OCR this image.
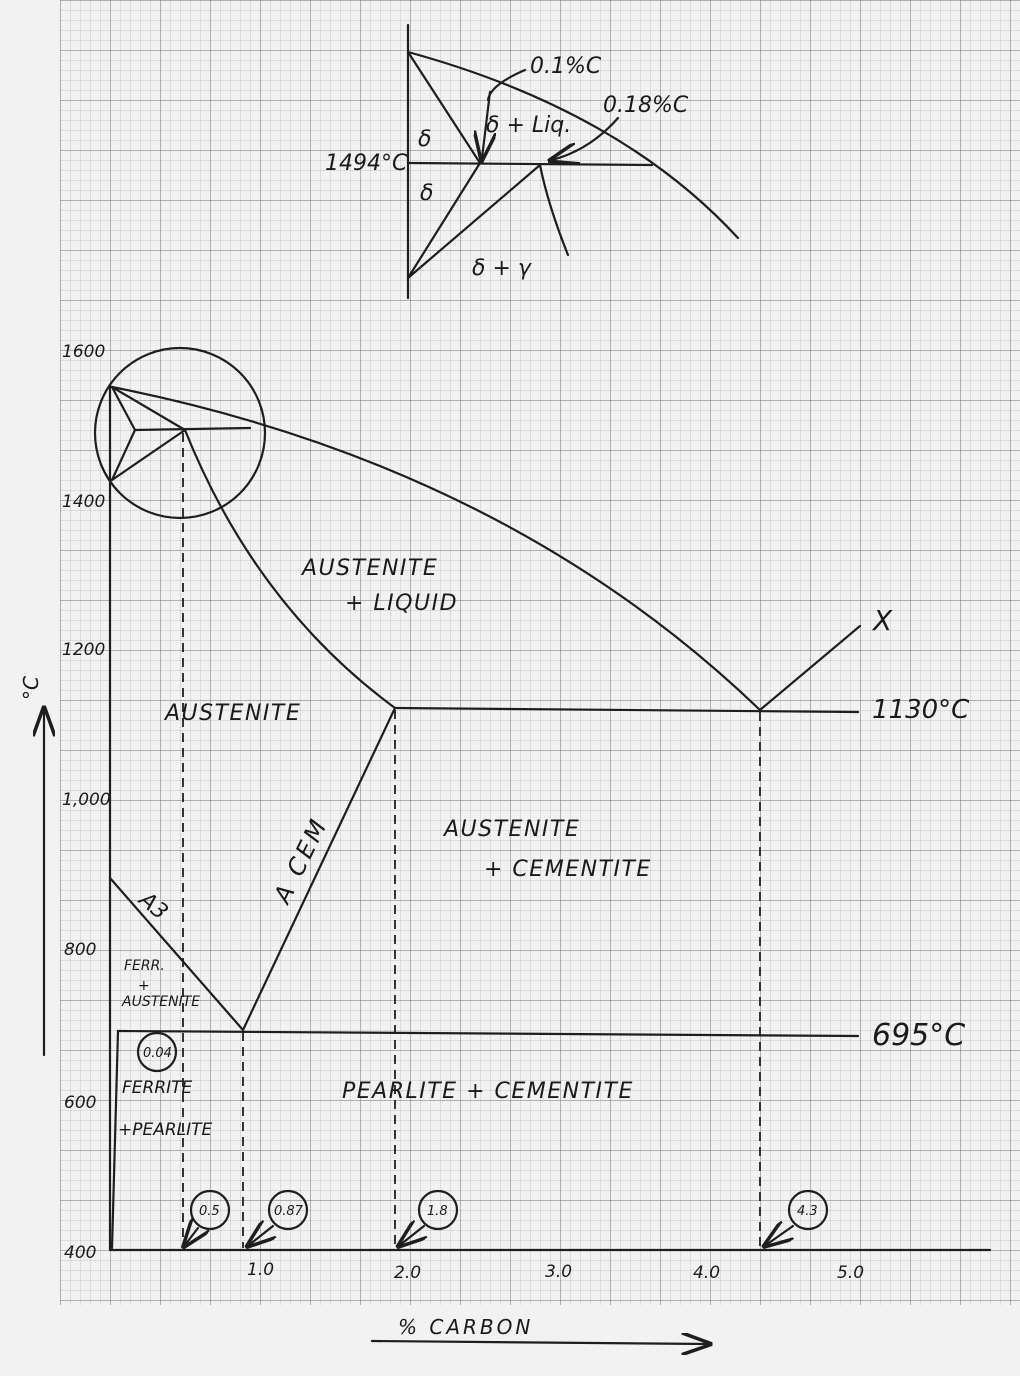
1600
1400
1200
1,000
800
600
400
1.0	2.0	3.0	4.0	5.0
°C
% CARBON
AUSTENITE
+ LIQUID
AUSTENITE
AUSTENITE
+ CEMENTITE
PEARLITE + CEMENTITE
FERRITE
+PEARLITE
FERR.
+
AUSTENITE
A CEM
A3
X
1130°C
695°C
0.04
0.5	0.87	1.8	4.3
δ
δ
δ + Liq.
δ + γ
0.1%C
0.18%C
1494°C
